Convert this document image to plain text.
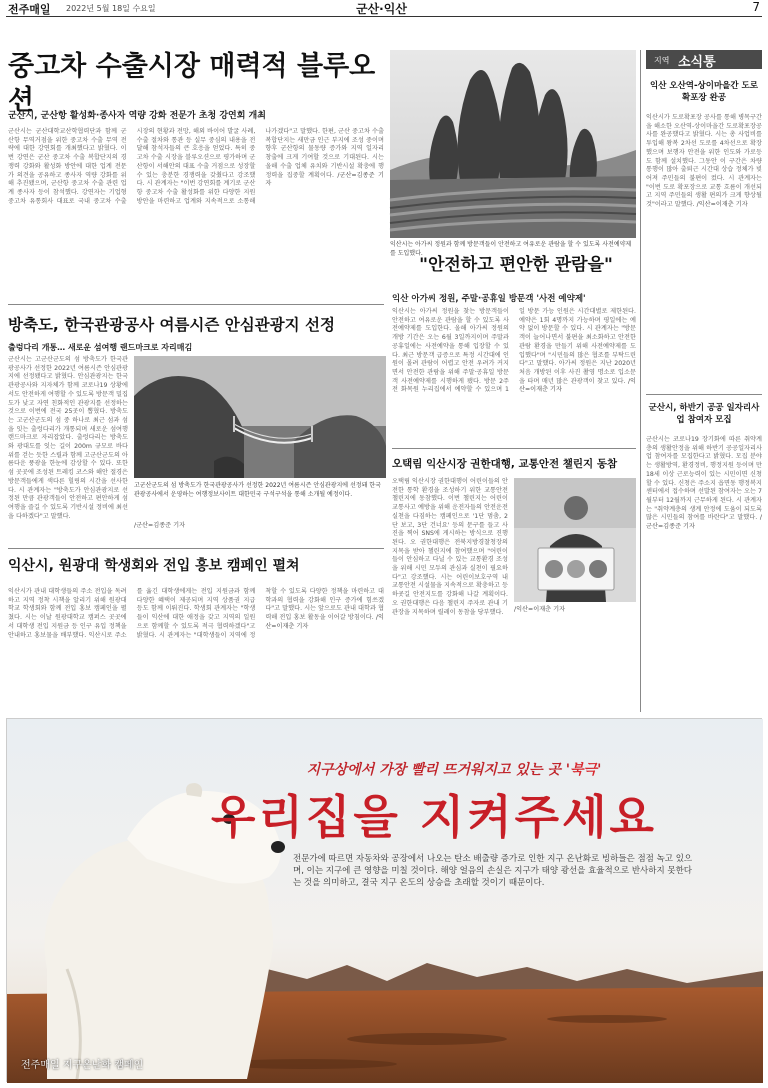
전주매일 2022년 5월 18일 수요일	군산·익산	7
중고차 수출시장 매력적 블루오션
군산시, 군산항 활성화·종사자 역량 강화 전문가 초청 강연회 개최
군산시는 군산대학교산학협력단과 함께 군산항 무역거점을 위한 중고차 수출 무역 전략에 대한 강연회를 개최했다고 밝혔다. 이번 강연은 군산 중고차 수출 복합단지의 경쟁력 강화와 활성화 방안에 대한 업계 전문가 의견을 공유하고 종사자 역량 강화를 위해 추진됐으며, 군산항 중고차 수출 관련 업계 종사자 등이 참석했다. 강연자는 기업형 중고차 유통회사 대표로 국내 중고차 수출 시장의 현황과 전망, 해외 바이어 발굴 사례, 수출 절차와 통관 등 실무 중심의 내용을 전달해 참석자들의 큰 호응을 얻었다. 특히 중고차 수출 시장을 블루오션으로 평가하며 군산항이 서해안의 대표 수출 거점으로 성장할 수 있는 충분한 경쟁력을 갖췄다고 강조했다. 시 관계자는 "이번 강연회를 계기로 군산항 중고차 수출 활성화를 위한 다양한 지원 방안을 마련하고 업계와 지속적으로 소통해 나가겠다"고 말했다. 한편, 군산 중고차 수출복합단지는 새만금 인근 부지에 조성 중이며 향후 군산항의 물동량 증가와 지역 일자리 창출에 크게 기여할 것으로 기대된다. 시는 올해 수출 업체 유치와 기반시설 확충에 행정력을 집중할 계획이다. /군산=김종준 기자
익산시는 아가씨 정원과 함께 방문객들이 안전하고 여유로운 관람을 할 수 있도록 사전예약제를 도입했다.
"안전하고 편안한 관람을"
익산 아가씨 정원, 주말·공휴일 방문객 '사전 예약제'
익산시는 아가씨 정원을 찾는 방문객들이 안전하고 여유로운 관람을 할 수 있도록 사전예약제를 도입한다. 올해 아가씨 정원의 개방 기간은 오는 6월 3일까지이며 주말과 공휴일에는 사전예약을 통해 입장할 수 있다. 최근 방문객 급증으로 특정 시간대에 인원이 몰려 관람이 어렵고 안전 우려가 커지면서 안전한 관람을 위해 주말·공휴일 방문객 사전예약제를 시행하게 됐다. 방문 2주 전 화목원 누리집에서 예약할 수 있으며 1일 방문 가능 인원은 시간대별로 제한된다. 예약은 1회 4명까지 가능하며 평일에는 예약 없이 방문할 수 있다. 시 관계자는 "방문객이 늘어나면서 불편을 최소화하고 안전한 관람 환경을 만들기 위해 사전예약제를 도입했다"며 "시민들의 많은 협조를 부탁드린다"고 말했다. 아가씨 정원은 지난 2020년 처음 개방된 이후 사진 촬영 명소로 입소문을 타며 매년 많은 관광객이 찾고 있다. /익산=이재춘 기자
방축도, 한국관광공사 여름시즌 안심관광지 선정
출렁다리 개통… 새로운 섬여행 랜드마크로 자리매김
군산시는 고군산군도의 섬 방축도가 한국관광공사가 선정한 2022년 여름시즌 안심관광지에 선정됐다고 밝혔다. 안심관광지는 한국관광공사와 지자체가 함께 코로나19 상황에서도 안전하게 여행할 수 있도록 방문객 밀집도가 낮고 자연 친화적인 관광지를 선정하는 것으로 이번에 전국 25곳이 뽑혔다. 방축도는 고군산군도의 섬 중 하나로 최근 섬과 섬을 잇는 출렁다리가 개통되며 새로운 섬여행 랜드마크로 자리잡았다. 출렁다리는 방축도와 광대도를 잇는 길이 200m 규모로 바다 위를 걷는 듯한 스릴과 함께 고군산군도의 아름다운 풍광을 한눈에 감상할 수 있다. 또한 섬 곳곳에 조성된 트레킹 코스와 해안 절경은 방문객들에게 색다른 힐링의 시간을 선사한다. 시 관계자는 "방축도가 안심관광지로 선정된 만큼 관광객들이 안전하고 편안하게 섬 여행을 즐길 수 있도록 기반시설 정비에 최선을 다하겠다"고 말했다.
고군산군도의 섬 방축도가 한국관광공사가 선정한 2022년 여름시즌 안심관광지에 선정돼 한국관광공사에서 운영하는 여행정보사이트 대한민국 구석구석을 통해 소개될 예정이다.
/군산=김종준 기자
오택림 익산시장 권한대행, 교통안전 챌린지 동참
오택림 익산시장 권한대행이 어린이들의 안전한 통학 환경을 조성하기 위한 교통안전 챌린지에 동참했다. 이번 챌린지는 어린이 교통사고 예방을 위해 운전자들의 안전운전 실천을 다짐하는 캠페인으로 '1단 멈춤, 2단 보고, 3단 건너요' 등의 문구를 들고 사진을 찍어 SNS에 게시하는 방식으로 진행된다. 오 권한대행은 전북지방경찰청장의 지목을 받아 챌린지에 참여했으며 "어린이들이 안심하고 다닐 수 있는 교통환경 조성을 위해 시민 모두의 관심과 실천이 필요하다"고 강조했다. 시는 어린이보호구역 내 교통안전 시설물을 지속적으로 확충하고 등하굣길 안전지도를 강화해 나갈 계획이다. 오 권한대행은 다음 챌린지 주자로 관내 기관장을 지목하며 릴레이 동참을 당부했다.	/익산=이재춘 기자
익산시, 원광대 학생회와 전입 홍보 캠페인 펼쳐
익산시가 관내 대학생들의 주소 전입을 독려하고 지역 정착 시책을 알리기 위해 원광대학교 학생회와 함께 전입 홍보 캠페인을 펼쳤다. 시는 이날 원광대학교 캠퍼스 곳곳에서 대학생 전입 지원금 등 인구 유입 정책을 안내하고 홍보물을 배부했다. 익산시로 주소를 옮긴 대학생에게는 전입 지원금과 함께 다양한 혜택이 제공되며 지역 상품권 지급 등도 함께 이뤄진다. 학생회 관계자는 "학생들이 익산에 대한 애정을 갖고 지역의 일원으로 함께할 수 있도록 적극 협력하겠다"고 밝혔다. 시 관계자는 "대학생들이 지역에 정착할 수 있도록 다양한 정책을 마련하고 대학과의 협력을 강화해 인구 증가에 힘쓰겠다"고 말했다. 시는 앞으로도 관내 대학과 협력해 전입 홍보 활동을 이어갈 방침이다. /익산=이재춘 기자
지역 소식통
익산 오산역-상이마을간 도로확포장 완공
익산시가 도로확포장 공사를 통해 병목구간을 해소한 오산역-상이마을간 도로확포장공사를 완공했다고 밝혔다. 시는 총 사업비를 투입해 왕복 2차선 도로를 4차선으로 확장했으며 보행자 안전을 위한 인도와 가로등도 함께 설치했다. 그동안 이 구간은 차량 통행이 많아 출퇴근 시간대 상습 정체가 빚어져 주민들의 불편이 컸다. 시 관계자는 "이번 도로 확포장으로 교통 흐름이 개선되고 지역 주민들의 생활 편의가 크게 향상될 것"이라고 말했다. /익산=이재춘 기자
군산시, 하반기 공공 일자리사업 참여자 모집
군산시는 코로나19 장기화에 따른 취약계층의 생활안정을 위해 하반기 공공일자리사업 참여자를 모집한다고 밝혔다. 모집 분야는 생활방역, 환경정비, 행정지원 등이며 만 18세 이상 근로능력이 있는 시민이면 신청할 수 있다. 신청은 주소지 읍면동 행정복지센터에서 접수하며 선발된 참여자는 오는 7월부터 12월까지 근무하게 된다. 시 관계자는 "취약계층의 생계 안정에 도움이 되도록 많은 시민들의 참여를 바란다"고 말했다. /군산=김종준 기자
지구상에서 가장 빨리 뜨거워지고 있는 곳 '북극'
우리집을 지켜주세요
전문가에 따르면 자동차와 공장에서 나오는 탄소 배출량 증가로 인한 지구 온난화로 빙하들은 점점 녹고 있으며, 이는 지구에 큰 영향을 미칠 것이다. 해양 얼음의 손실은 지구가 태양 광선을 효율적으로 반사하지 못한다는 것을 의미하고, 결국 지구 온도의 상승을 초래할 것이기 때문이다.
전주매일 지구온난화 캠페인
